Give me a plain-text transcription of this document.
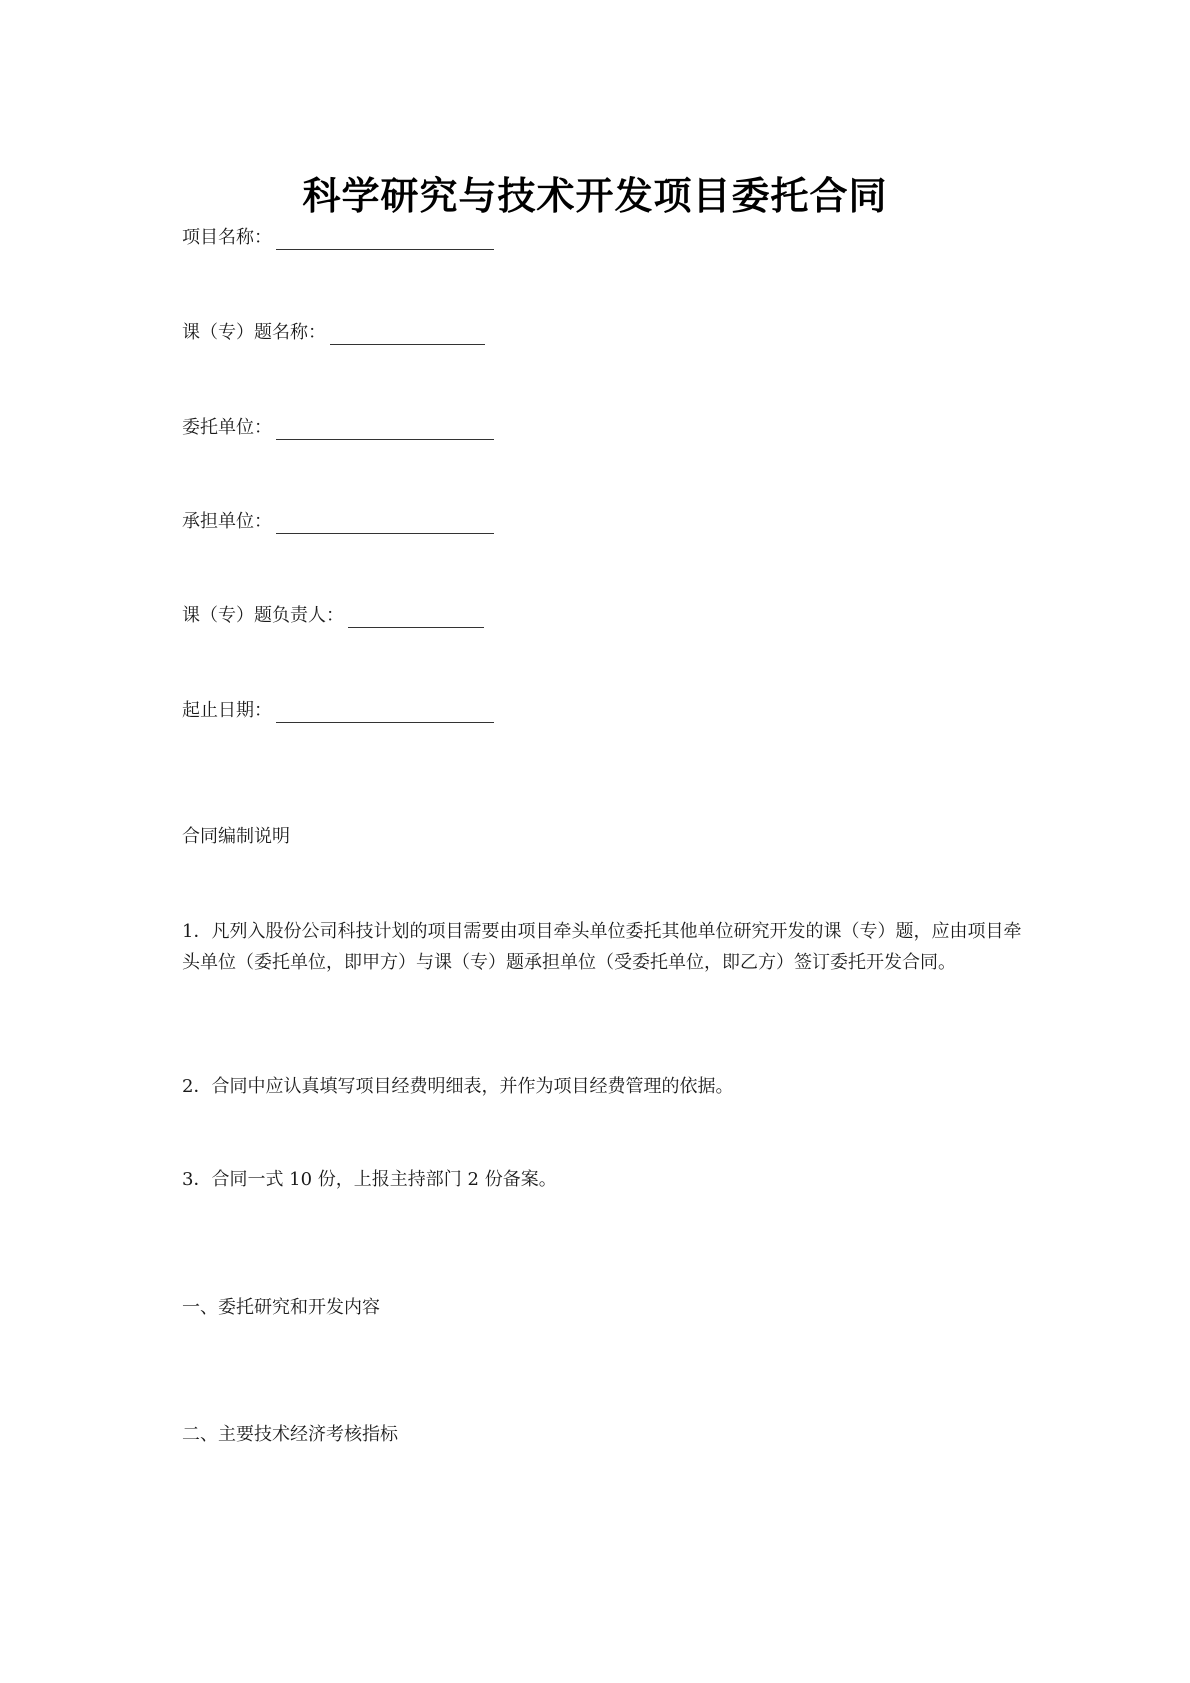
科学研究与技术开发项目委托合同
项目名称：
课（专）题名称：
委托单位：
承担单位：
课（专）题负责人：
起止日期：
合同编制说明
1．凡列入股份公司科技计划的项目需要由项目牵头单位委托其他单位研究开发的课（专）题，应由项目牵头单位（委托单位，即甲方）与课（专）题承担单位（受委托单位，即乙方）签订委托开发合同。
2．合同中应认真填写项目经费明细表，并作为项目经费管理的依据。
3．合同一式 10 份，上报主持部门 2 份备案。
一、委托研究和开发内容
二、主要技术经济考核指标
